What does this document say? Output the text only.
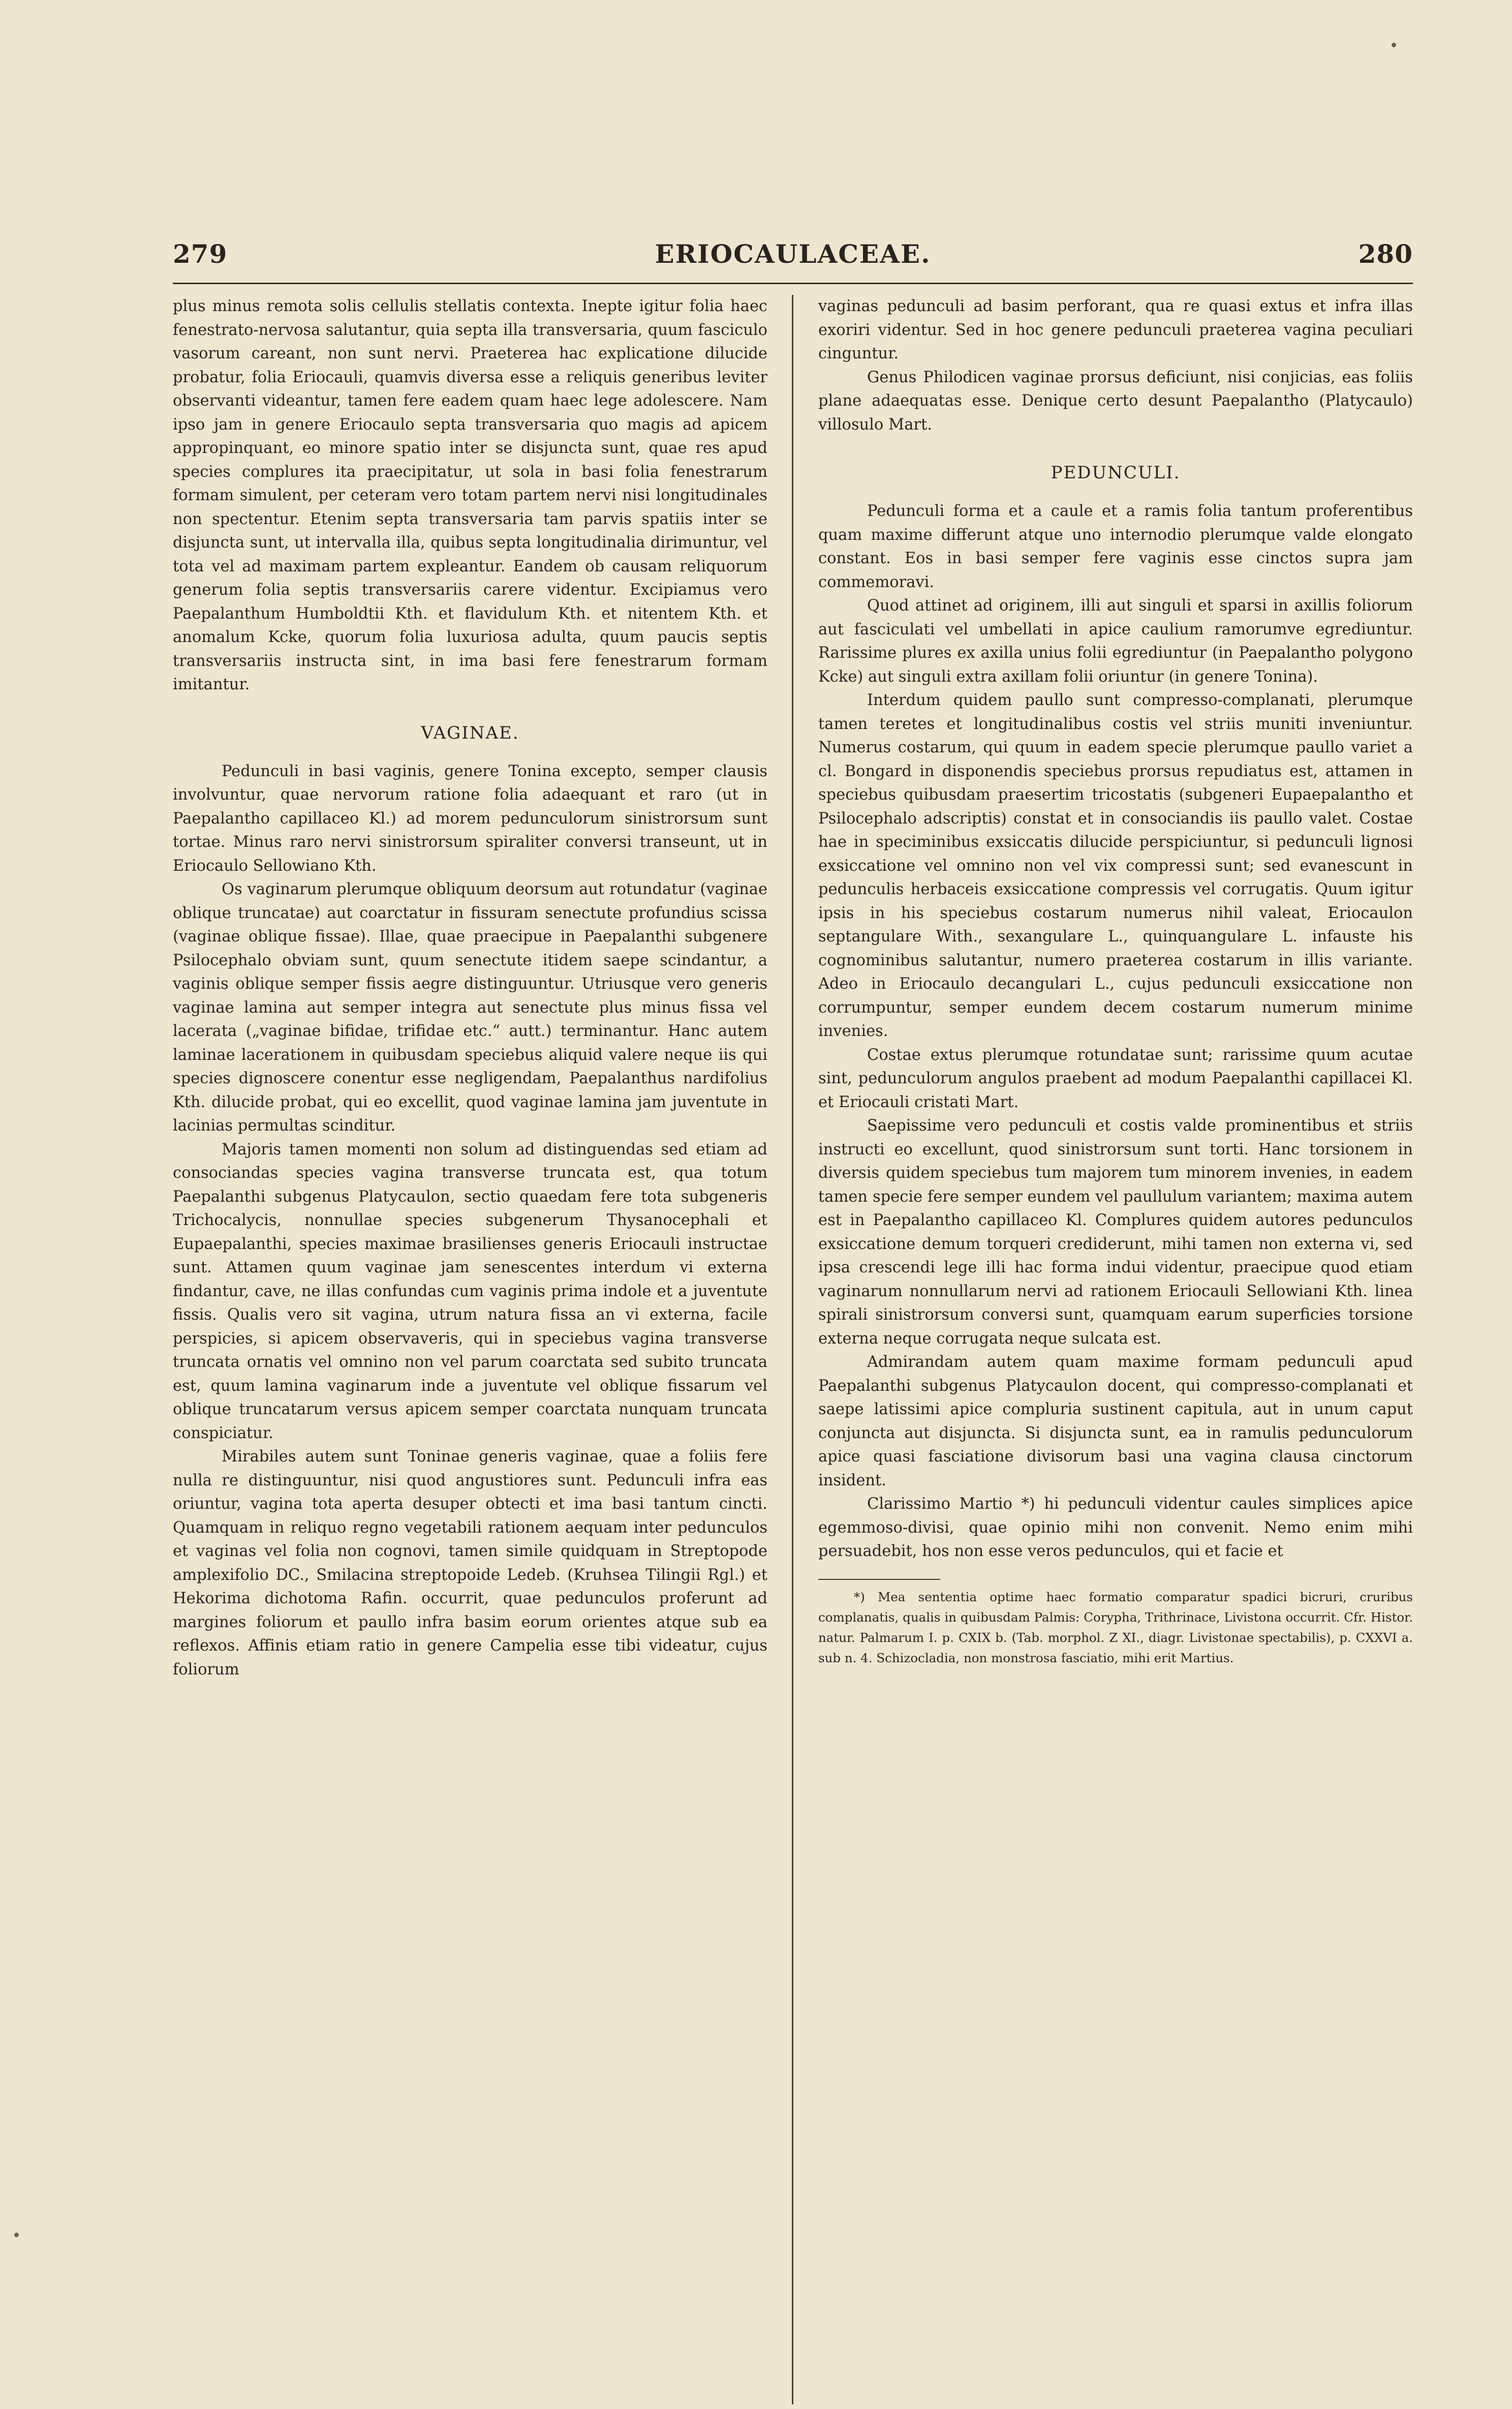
279	ERIOCAULACEAE.	280

plus minus remota solis cellulis stellatis contexta. Inepte igitur folia haec fenestrato-nervosa salutantur, quia septa illa transversaria, quum fasciculo vasorum careant, non sunt nervi. Praeterea hac explicatione dilucide probatur, folia Eriocauli, quamvis diversa esse a reliquis generibus leviter observanti videantur, tamen fere eadem quam haec lege adolescere. Nam ipso jam in genere Eriocaulo septa transversaria quo magis ad apicem appropinquant, eo minore spatio inter se disjuncta sunt, quae res apud species complures ita praecipitatur, ut sola in basi folia fenestrarum formam simulent, per ceteram vero totam partem nervi nisi longitudinales non spectentur. Etenim septa transversaria tam parvis spatiis inter se disjuncta sunt, ut intervalla illa, quibus septa longitudinalia dirimuntur, vel tota vel ad maximam partem expleantur. Eandem ob causam reliquorum generum folia septis transversariis carere videntur. Excipiamus vero Paepalanthum Humboldtii Kth. et flavidulum Kth. et nitentem Kth. et anomalum Kcke, quorum folia luxuriosa adulta, quum paucis septis transversariis instructa sint, in ima basi fere fenestrarum formam imitantur.

VAGINAE.

Pedunculi in basi vaginis, genere Tonina excepto, semper clausis involvuntur, quae nervorum ratione folia adaequant et raro (ut in Paepalantho capillaceo Kl.) ad morem pedunculorum sinistrorsum sunt tortae. Minus raro nervi sinistrorsum spiraliter conversi transeunt, ut in Eriocaulo Sellowiano Kth.

Os vaginarum plerumque obliquum deorsum aut rotundatur (vaginae oblique truncatae) aut coarctatur in fissuram senectute profundius scissa (vaginae oblique fissae). Illae, quae praecipue in Paepalanthi subgenere Psilocephalo obviam sunt, quum senectute itidem saepe scindantur, a vaginis oblique semper fissis aegre distinguuntur. Utriusque vero generis vaginae lamina aut semper integra aut senectute plus minus fissa vel lacerata („vaginae bifidae, trifidae etc.“ autt.) terminantur. Hanc autem laminae lacerationem in quibusdam speciebus aliquid valere neque iis qui species dignoscere conentur esse negligendam, Paepalanthus nardifolius Kth. dilucide probat, qui eo excellit, quod vaginae lamina jam juventute in lacinias permultas scinditur.

Majoris tamen momenti non solum ad distinguendas sed etiam ad consociandas species vagina transverse truncata est, qua totum Paepalanthi subgenus Platycaulon, sectio quaedam fere tota subgeneris Trichocalycis, nonnullae species subgenerum Thysanocephali et Eupaepalanthi, species maximae brasilienses generis Eriocauli instructae sunt. Attamen quum vaginae jam senescentes interdum vi externa findantur, cave, ne illas confundas cum vaginis prima indole et a juventute fissis. Qualis vero sit vagina, utrum natura fissa an vi externa, facile perspicies, si apicem observaveris, qui in speciebus vagina transverse truncata ornatis vel omnino non vel parum coarctata sed subito truncata est, quum lamina vaginarum inde a juventute vel oblique fissarum vel oblique truncatarum versus apicem semper coarctata nunquam truncata conspiciatur.

Mirabiles autem sunt Toninae generis vaginae, quae a foliis fere nulla re distinguuntur, nisi quod angustiores sunt. Pedunculi infra eas oriuntur, vagina tota aperta desuper obtecti et ima basi tantum cincti. Quamquam in reliquo regno vegetabili rationem aequam inter pedunculos et vaginas vel folia non cognovi, tamen simile quidquam in Streptopode amplexifolio DC., Smilacina streptopoide Ledeb. (Kruhsea Tilingii Rgl.) et Hekorima dichotoma Rafin. occurrit, quae pedunculos proferunt ad margines foliorum et paullo infra basim eorum orientes atque sub ea reflexos. Affinis etiam ratio in genere Campelia esse tibi videatur, cujus foliorum

vaginas pedunculi ad basim perforant, qua re quasi extus et infra illas exoriri videntur. Sed in hoc genere pedunculi praeterea vagina peculiari cinguntur.

Genus Philodicen vaginae prorsus deficiunt, nisi conjicias, eas foliis plane adaequatas esse. Denique certo desunt Paepalantho (Platycaulo) villosulo Mart.

PEDUNCULI.

Pedunculi forma et a caule et a ramis folia tantum proferentibus quam maxime differunt atque uno internodio plerumque valde elongato constant. Eos in basi semper fere vaginis esse cinctos supra jam commemoravi.

Quod attinet ad originem, illi aut singuli et sparsi in axillis foliorum aut fasciculati vel umbellati in apice caulium ramorumve egrediuntur. Rarissime plures ex axilla unius folii egrediuntur (in Paepalantho polygono Kcke) aut singuli extra axillam folii oriuntur (in genere Tonina).

Interdum quidem paullo sunt compresso-complanati, plerumque tamen teretes et longitudinalibus costis vel striis muniti inveniuntur. Numerus costarum, qui quum in eadem specie plerumque paullo variet a cl. Bongard in disponendis speciebus prorsus repudiatus est, attamen in speciebus quibusdam praesertim tricostatis (subgeneri Eupaepalantho et Psilocephalo adscriptis) constat et in consociandis iis paullo valet. Costae hae in speciminibus exsiccatis dilucide perspiciuntur, si pedunculi lignosi exsiccatione vel omnino non vel vix compressi sunt; sed evanescunt in pedunculis herbaceis exsiccatione compressis vel corrugatis. Quum igitur ipsis in his speciebus costarum numerus nihil valeat, Eriocaulon septangulare With., sexangulare L., quinquangulare L. infauste his cognominibus salutantur, numero praeterea costarum in illis variante. Adeo in Eriocaulo decangulari L., cujus pedunculi exsiccatione non corrumpuntur, semper eundem decem costarum numerum minime invenies.

Costae extus plerumque rotundatae sunt; rarissime quum acutae sint, pedunculorum angulos praebent ad modum Paepalanthi capillacei Kl. et Eriocauli cristati Mart.

Saepissime vero pedunculi et costis valde prominentibus et striis instructi eo excellunt, quod sinistrorsum sunt torti. Hanc torsionem in diversis quidem speciebus tum majorem tum minorem invenies, in eadem tamen specie fere semper eundem vel paullulum variantem; maxima autem est in Paepalantho capillaceo Kl. Complures quidem autores pedunculos exsiccatione demum torqueri crediderunt, mihi tamen non externa vi, sed ipsa crescendi lege illi hac forma indui videntur, praecipue quod etiam vaginarum nonnullarum nervi ad rationem Eriocauli Sellowiani Kth. linea spirali sinistrorsum conversi sunt, quamquam earum superficies torsione externa neque corrugata neque sulcata est.

Admirandam autem quam maxime formam pedunculi apud Paepalanthi subgenus Platycaulon docent, qui compresso-complanati et saepe latissimi apice compluria sustinent capitula, aut in unum caput conjuncta aut disjuncta. Si disjuncta sunt, ea in ramulis pedunculorum apice quasi fasciatione divisorum basi una vagina clausa cinctorum insident.

Clarissimo Martio *) hi pedunculi videntur caules simplices apice egemmoso-divisi, quae opinio mihi non convenit. Nemo enim mihi persuadebit, hos non esse veros pedunculos, qui et facie et

*) Mea sententia optime haec formatio comparatur spadici bicruri, cruribus complanatis, qualis in quibusdam Palmis: Corypha, Trithrinace, Livistona occurrit. Cfr. Histor. natur. Palmarum I. p. CXIX b. (Tab. morphol. Z XI., diagr. Livistonae spectabilis), p. CXXVI a. sub n. 4. Schizocladia, non monstrosa fasciatio, mihi erit Martius.
